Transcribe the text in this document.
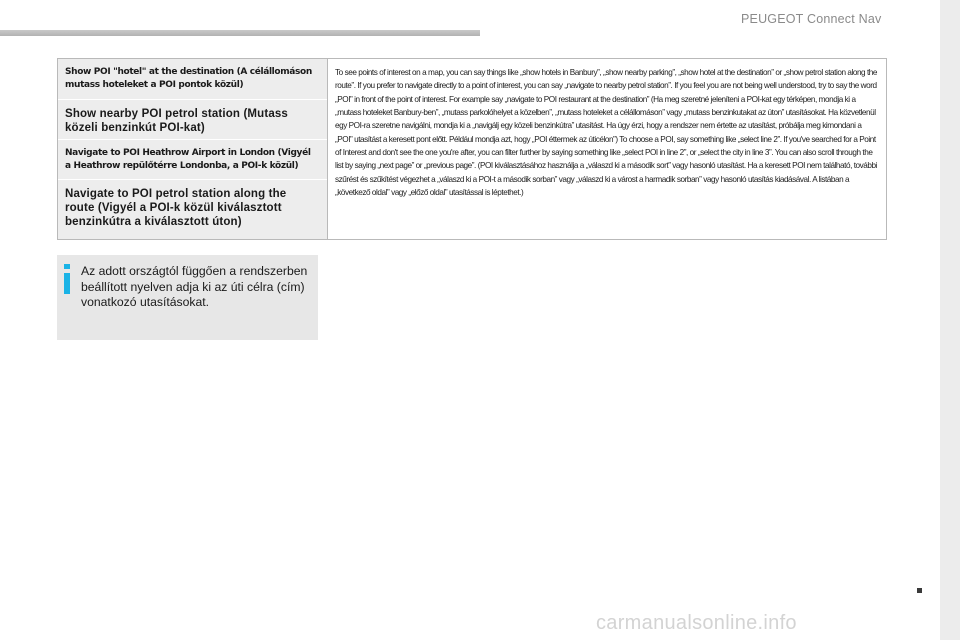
PEUGEOT Connect Nav
Show POI "hotel" at the destination (A célállomáson mutass hoteleket a POI pontok közül)
Show nearby POI petrol station (Mutass közeli benzinkút POI-kat)
Navigate to POI Heathrow Airport in London (Vigyél a Heathrow repülőtérre Londonba, a POI-k közül)
Navigate to POI petrol station along the route (Vigyél a POI-k közül kiválasztott benzinkútra a kiválasztott úton)

To see points of interest on a map, you can say things like „show hotels in Banbury”, „show nearby parking”, „show hotel at the destination” or „show petrol station along the route”. If you prefer to navigate directly to a point of interest, you can say „navigate to nearby petrol station”. If you feel you are not being well understood, try to say the word „POI” in front of the point of interest. For example say „navigate to POI restaurant at the destination” (Ha meg szeretné jeleníteni a POI-kat egy térképen, mondja ki a „mutass hoteleket Banbury-ben”, „mutass parkolóhelyet a közelben”, „mutass hoteleket a célállomáson” vagy „mutass benzinkutakat az úton” utasításokat. Ha közvetlenül egy POI-ra szeretne navigálni, mondja ki a „navigálj egy közeli benzinkútra” utasítást. Ha úgy érzi, hogy a rendszer nem értette az utasítást, próbálja meg kimondani a „POI” utasítást a keresett pont előtt. Például mondja azt, hogy „POI éttermek az úticélon”) To choose a POI, say something like „select line 2”. If you've searched for a Point of Interest and don't see the one you're after, you can filter further by saying something like „select POI in line 2”, or „select the city in line 3”. You can also scroll through the list by saying „next page” or „previous page”. (POI kiválasztásához használja a „válaszd ki a második sort” vagy hasonló utasítást. Ha a keresett POI nem található, további szűrést és szűkítést végezhet a „válaszd ki a POI-t a második sorban” vagy „válaszd ki a várost a harmadik sorban” vagy hasonló utasítás kiadásával. A listában a „következő oldal” vagy „előző oldal” utasítással is léptethet.)

Az adott országtól függően a rendszerben beállított nyelven adja ki az úti célra (cím) vonatkozó utasításokat.
carmanualsonline.info
